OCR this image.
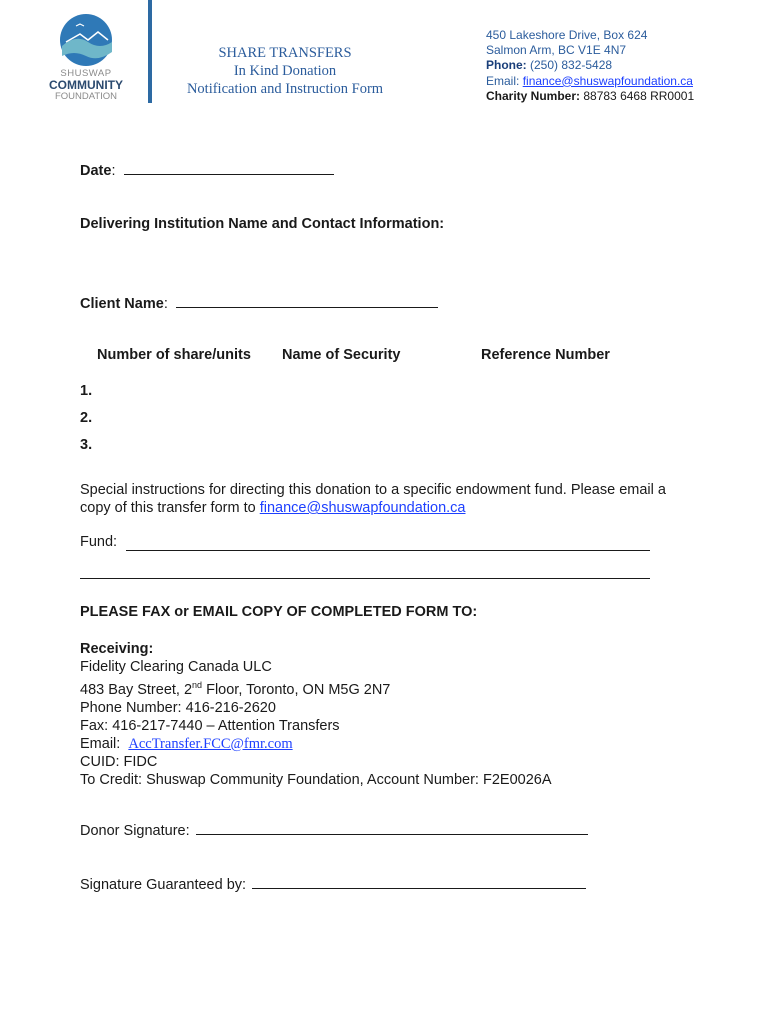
SHUSWAP
COMMUNITY
FOUNDATION
SHARE TRANSFERS
In Kind Donation
Notification and Instruction Form
450 Lakeshore Drive, Box 624
Salmon Arm, BC V1E 4N7
Phone: (250) 832-5428
Email: finance@shuswapfoundation.ca
Charity Number: 88783 6468 RR0001
Date:
Delivering Institution Name and Contact Information:
Client Name:
Number of share/units Name of Security	Reference Number
1.
2.
3.
Special instructions for directing this donation to a specific endowment fund. Please email a
copy of this transfer form to finance@shuswapfoundation.ca
Fund:
PLEASE FAX or EMAIL COPY OF COMPLETED FORM TO:
Receiving:
Fidelity Clearing Canada ULC
483 Bay Street, 2nd Floor, Toronto, ON M5G 2N7
Phone Number: 416-216-2620
Fax: 416-217-7440 – Attention Transfers
Email: AccTransfer.FCC@fmr.com
CUID: FIDC
To Credit: Shuswap Community Foundation, Account Number: F2E0026A
Donor Signature:
Signature Guaranteed by:
